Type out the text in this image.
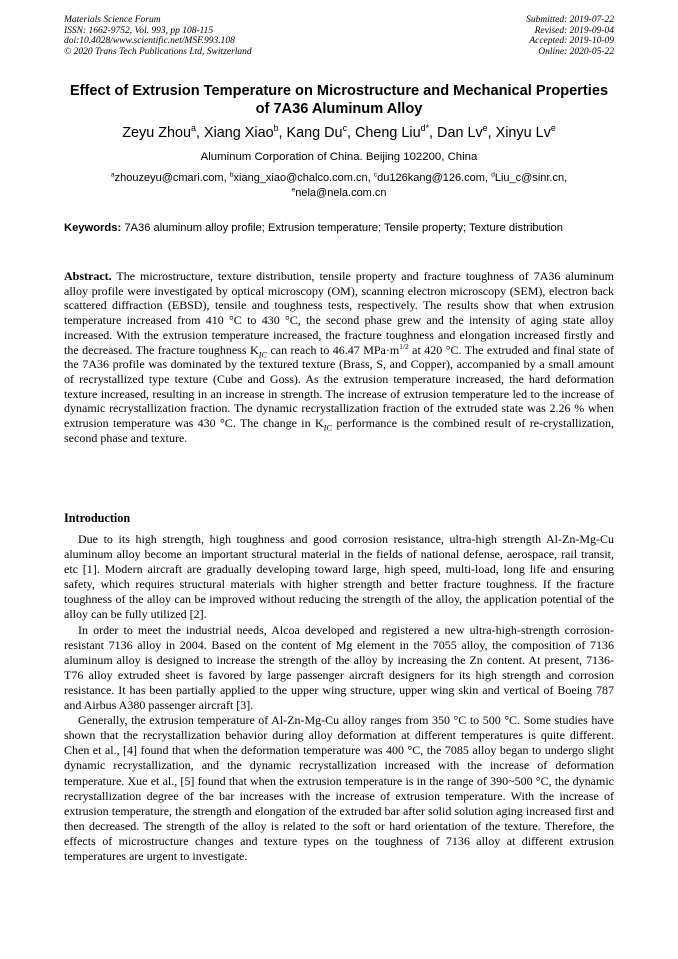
Materials Science Forum
ISSN: 1662-9752, Vol. 993, pp 108-115
doi:10.4028/www.scientific.net/MSF.993.108
© 2020 Trans Tech Publications Ltd, Switzerland
Submitted: 2019-07-22
Revised: 2019-09-04
Accepted: 2019-10-09
Online: 2020-05-22
Effect of Extrusion Temperature on Microstructure and Mechanical Properties of 7A36 Aluminum Alloy
Zeyu Zhou$^a$, Xiang Xiao$^b$, Kang Du$^c$, Cheng Liu$^{d*}$, Dan Lv$^e$, Xinyu Lv$^e$
Aluminum Corporation of China. Beijing 102200, China
$^a$zhouzeyu@cmari.com, $^b$xiang_xiao@chalco.com.cn, $^c$du126kang@126.com, $^d$Liu_c@sinr.cn,
$^e$nela@nela.com.cn
Keywords: 7A36 aluminum alloy profile; Extrusion temperature; Tensile property; Texture distribution
Abstract. The microstructure, texture distribution, tensile property and fracture toughness of 7A36 aluminum alloy profile were investigated by optical microscopy (OM), scanning electron microscopy (SEM), electron back scattered diffraction (EBSD), tensile and toughness tests, respectively. The results show that when extrusion temperature increased from 410 °C to 430 °C, the second phase grew and the intensity of aging state alloy increased. With the extrusion temperature increased, the fracture toughness and elongation increased firstly and the decreased. The fracture toughness $K_{IC}$ can reach to 46.47 $MPa\cdot m^{1/2}$ at 420 °C. The extruded and final state of the 7A36 profile was dominated by the textured texture (Brass, S, and Copper), accompanied by a small amount of recrystallized type texture (Cube and Goss). As the extrusion temperature increased, the hard deformation texture increased, resulting in an increase in strength. The increase of extrusion temperature led to the increase of dynamic recrystallization fraction. The dynamic recrystallization fraction of the extruded state was 2.26 % when extrusion temperature was 430 °C. The change in $K_{IC}$ performance is the combined result of re-crystallization, second phase and texture.
Introduction

Due to its high strength, high toughness and good corrosion resistance, ultra-high strength Al-Zn-Mg-Cu aluminum alloy become an important structural material in the fields of national defense, aerospace, rail transit, etc [1]. Modern aircraft are gradually developing toward large, high speed, multi-load, long life and ensuring safety, which requires structural materials with higher strength and better fracture toughness. If the fracture toughness of the alloy can be improved without reducing the strength of the alloy, the application potential of the alloy can be fully utilized [2].

In order to meet the industrial needs, Alcoa developed and registered a new ultra-high-strength corrosion-resistant 7136 alloy in 2004. Based on the content of Mg element in the 7055 alloy, the composition of 7136 aluminum alloy is designed to increase the strength of the alloy by increasing the Zn content. At present, 7136-T76 alloy extruded sheet is favored by large passenger aircraft designers for its high strength and corrosion resistance. It has been partially applied to the upper wing structure, upper wing skin and vertical of Boeing 787 and Airbus A380 passenger aircraft [3].

Generally, the extrusion temperature of Al-Zn-Mg-Cu alloy ranges from 350 °C to 500 °C. Some studies have shown that the recrystallization behavior during alloy deformation at different temperatures is quite different. Chen et al., [4] found that when the deformation temperature was 400 °C, the 7085 alloy began to undergo slight dynamic recrystallization, and the dynamic recrystallization increased with the increase of deformation temperature. Xue et al., [5] found that when the extrusion temperature is in the range of 390~500 °C, the dynamic recrystallization degree of the bar increases with the increase of extrusion temperature. With the increase of extrusion temperature, the strength and elongation of the extruded bar after solid solution aging increased first and then decreased. The strength of the alloy is related to the soft or hard orientation of the texture. Therefore, the effects of microstructure changes and texture types on the toughness of 7136 alloy at different extrusion temperatures are urgent to investigate.
